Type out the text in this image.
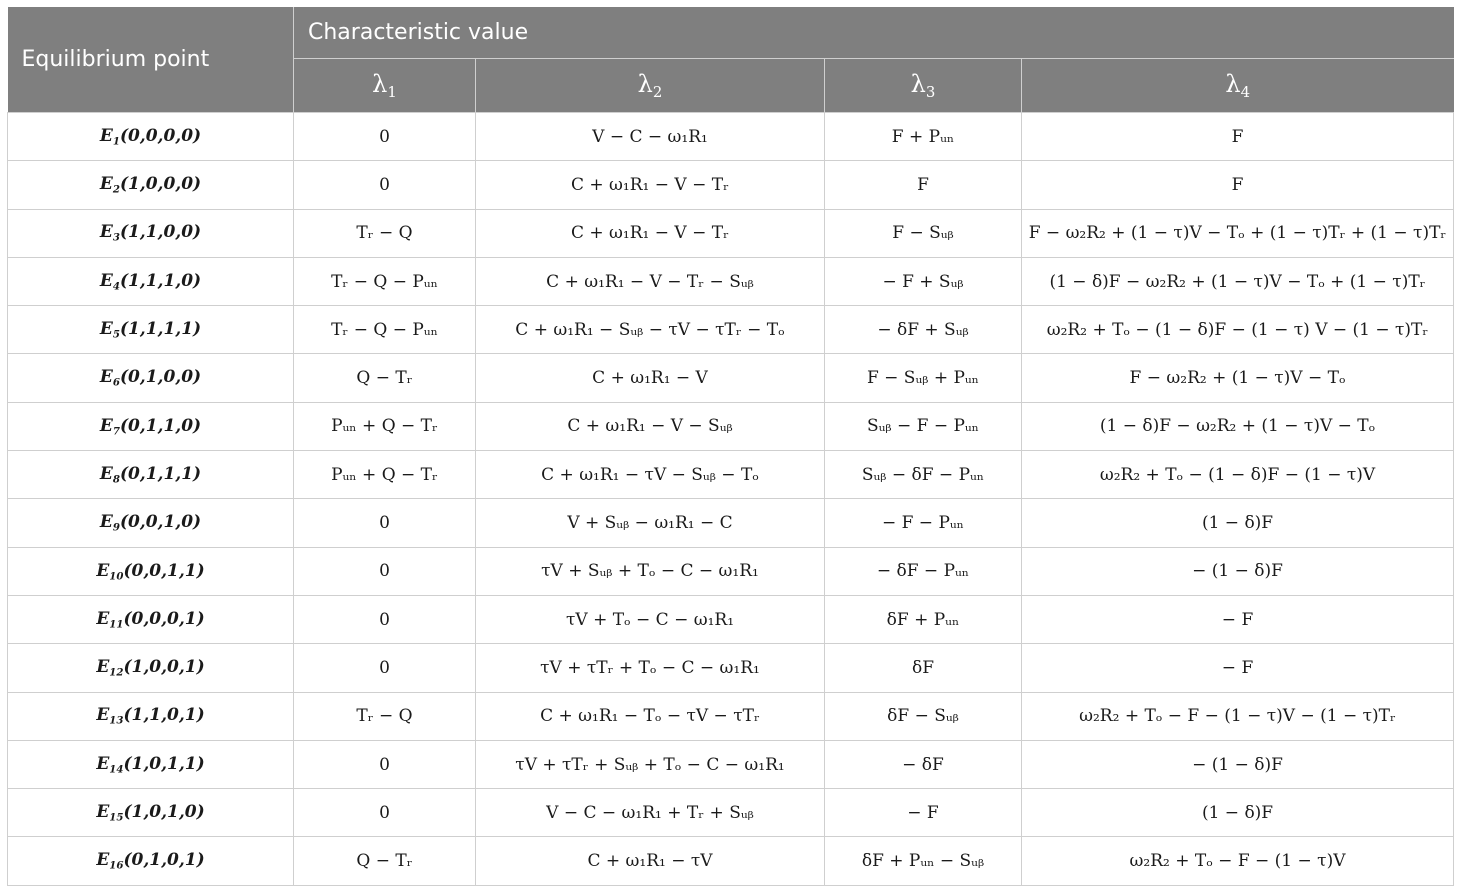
Equilibrium point	Characteristic value			
	$\lambda_1$	$\lambda_2$	$\lambda_3$	$\lambda_4$
$E_1(0,0,0,0)$	0	V − C − ω₁R₁	F + Pᵤₙ	F
$E_2(1,0,0,0)$	0	C + ω₁R₁ − V − Tᵣ	F	F
$E_3(1,1,0,0)$	Tᵣ − Q	C + ω₁R₁ − V − Tᵣ	F − Sᵤᵦ	F − ω₂R₂ + (1 − τ)V − Tₒ + (1 − τ)Tᵣ + (1 − τ)Tᵣ
$E_4(1,1,1,0)$	Tᵣ − Q − Pᵤₙ	C + ω₁R₁ − V − Tᵣ − Sᵤᵦ	− F + Sᵤᵦ	(1 − δ)F − ω₂R₂ + (1 − τ)V − Tₒ + (1 − τ)Tᵣ
$E_5(1,1,1,1)$	Tᵣ − Q − Pᵤₙ	C + ω₁R₁ − Sᵤᵦ − τV − τTᵣ − Tₒ	− δF + Sᵤᵦ	ω₂R₂ + Tₒ − (1 − δ)F − (1 − τ) V − (1 − τ)Tᵣ
$E_6(0,1,0,0)$	Q − Tᵣ	C + ω₁R₁ − V	F − Sᵤᵦ + Pᵤₙ	F − ω₂R₂ + (1 − τ)V − Tₒ
$E_7(0,1,1,0)$	Pᵤₙ + Q − Tᵣ	C + ω₁R₁ − V − Sᵤᵦ	Sᵤᵦ − F − Pᵤₙ	(1 − δ)F − ω₂R₂ + (1 − τ)V − Tₒ
$E_8(0,1,1,1)$	Pᵤₙ + Q − Tᵣ	C + ω₁R₁ − τV − Sᵤᵦ − Tₒ	Sᵤᵦ − δF − Pᵤₙ	ω₂R₂ + Tₒ − (1 − δ)F − (1 − τ)V
$E_9(0,0,1,0)$	0	V + Sᵤᵦ − ω₁R₁ − C	− F − Pᵤₙ	(1 − δ)F
$E_{10}(0,0,1,1)$	0	τV + Sᵤᵦ + Tₒ − C − ω₁R₁	− δF − Pᵤₙ	− (1 − δ)F
$E_{11}(0,0,0,1)$	0	τV + Tₒ − C − ω₁R₁	δF + Pᵤₙ	− F
$E_{12}(1,0,0,1)$	0	τV + τTᵣ + Tₒ − C − ω₁R₁	δF	− F
$E_{13}(1,1,0,1)$	Tᵣ − Q	C + ω₁R₁ − Tₒ − τV − τTᵣ	δF − Sᵤᵦ	ω₂R₂ + Tₒ − F − (1 − τ)V − (1 − τ)Tᵣ
$E_{14}(1,0,1,1)$	0	τV + τTᵣ + Sᵤᵦ + Tₒ − C − ω₁R₁	− δF	− (1 − δ)F
$E_{15}(1,0,1,0)$	0	V − C − ω₁R₁ + Tᵣ + Sᵤᵦ	− F	(1 − δ)F
$E_{16}(0,1,0,1)$	Q − Tᵣ	C + ω₁R₁ − τV	δF + Pᵤₙ − Sᵤᵦ	ω₂R₂ + Tₒ − F − (1 − τ)V
